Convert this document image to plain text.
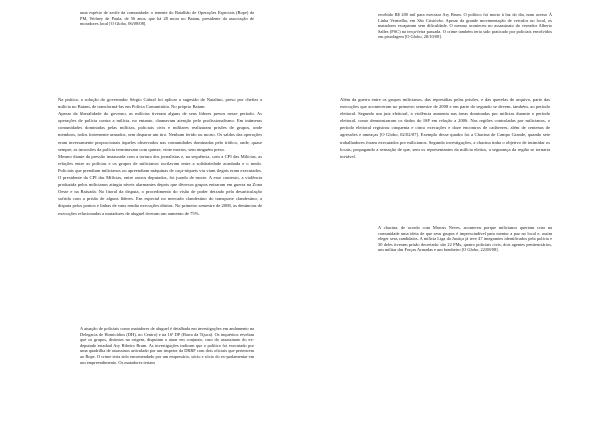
uma espécie de xerife da comunidade: o tenente do Batalhão de Operações Especiais (Bope) da PM, Wolney de Paula, de 56 anos, que há 28 mora no Batam, presidente da associação de moradores local [O Globo, 06/08/08].

Na prática, a solução do governador Sérgio Cabral foi aplicar a sugestão de Natalino, preso por chefiar a milícia no Batam, de transformá-las em Polícia Comunitária. No próprio Batam.

Apesar da liberalidade do governo, as milícias tiveram alguns de seus líderes presos nesse período. As operações de polícia contra a milícia, no entanto, chamavam atenção pelo profissionalismo. Em inúmeras comunidades dominadas pelas milícias, policiais civis e militares realizaram prisões de grupos, onde membros, todos fortemente armados, sem disparar um tiro. Nenhum ferido ou morto. Os saldos das operações eram inversamente proporcionais àqueles observados nas comunidades dominadas pelo tráfico, onde, quase sempre, as incursões da polícia terminavam com quinze, vinte mortos, sem ninguém preso.

Mesmo diante da pressão instaurada com a tortura dos jornalistas e, na sequência, com a CPI das Milícias, as relações entre as polícias e os grupos de milicianos oscilavam entre a solidariedade acanhada e o medo. Policiais que prendiam milicianos ou apreendiam máquinas de caça-níqueis viu viam ilegais eram executados. O presidente da CPI das Milícias, entre outros deputados, foi jurado de morte. A esse contexto, a violência produzida pelos milicianos atingiu níveis alarmantes depois que diversos grupos entraram em guerra na Zona Oeste e na Baixada. No litoral da disputa, o procedimento do visão de poder deixado pela desarticulação sofrida com a prisão de alguns líderes. Em especial no mercado clandestino do transporte clandestino, a disputa pelos pontos e linhas de vans rendia execuções diárias. No primeiro semestre de 2008, as denúncias de execuções relacionadas a matadores de aluguel tiveram um aumento de 75%.

A atuação de policiais como matadores de aluguel é detalhada em investigações em andamento na Delegacia de Homicídios (DH), no Centro) e na 16ª DP (Barra da Tijuca). Os inquéritos revelam que os grupos, distintos na origem, disputam a atuar em conjunto, caso do assassinato do ex-deputado estadual Ary Ribeiro Brum. As investigações indicam que o político foi executado por uma quadrilha de assassinos articulado por um inspetor da DRRF com dois oficiais que pertencem ao Bope. O crime teria sido encomendado por um empresário, sócio e sócio do ex-parlamentar em um empreendimento. Os matadores teriam

recebido R$ 200 mil para executar Ary Brum. O político foi morto à luz do dia, num acesso À Linha Vermelha, em São Cristóvão. Apesar da grande movimentação de veículos no local, os matadores escaparam sem dificuldade. O mesmo aconteceu no assassinato do vereador Alberto Salles (PSC) na terça-feira passada. O crime também teria sido praticado por policiais envolvidos em pistolagem [O Globo, 28/10/08].

Além da guerra entre os grupos milicianos, das represálias pelas prisões, e das querelas de arquivo, parte das execuções que aconteceram no primeiro semestre de 2008 e em parte do segundo se devem, também, ao período eleitoral. Segundo um juiz eleitoral, a violência aumenta nas áreas dominadas por milícias durante o período eleitoral, como demonstraram os dados do ISP em relação a 2006. Nas regiões controladas por milicianos, o período eleitoral registrou cinquenta e cinco execuções e doze encontros de cadáveres, além de centenas de agressões e ameaças [O Globo, 02/02/07]. Exemplo desse quadro foi a Chacina de Campo Grande, quando sete trabalhadores foram executados por milicianos. Segundo investigações, a chacina tinha o objetivo de intimidar os locais, propagando a sensação de que, sem os representantes da milícia eleitos, a segurança da região se tornaria inviável.

A chacina, de acordo com Marcus Neves, aconteceu porque milicianos queriam criar na comunidade uma ideia de que seus grupos é imprescindível para mentor a paz no local e, assim eleger seus candidatos. A milícia Liga da Justiça já teve 47 integrantes identificados pela polícia e 30 deles tiveram prisão decretada: são 22 PMs, quatro policiais civis, dois agentes penitenciários, um militar das Forças Armadas e um bombeiro [O Globo, 22/08/08].
